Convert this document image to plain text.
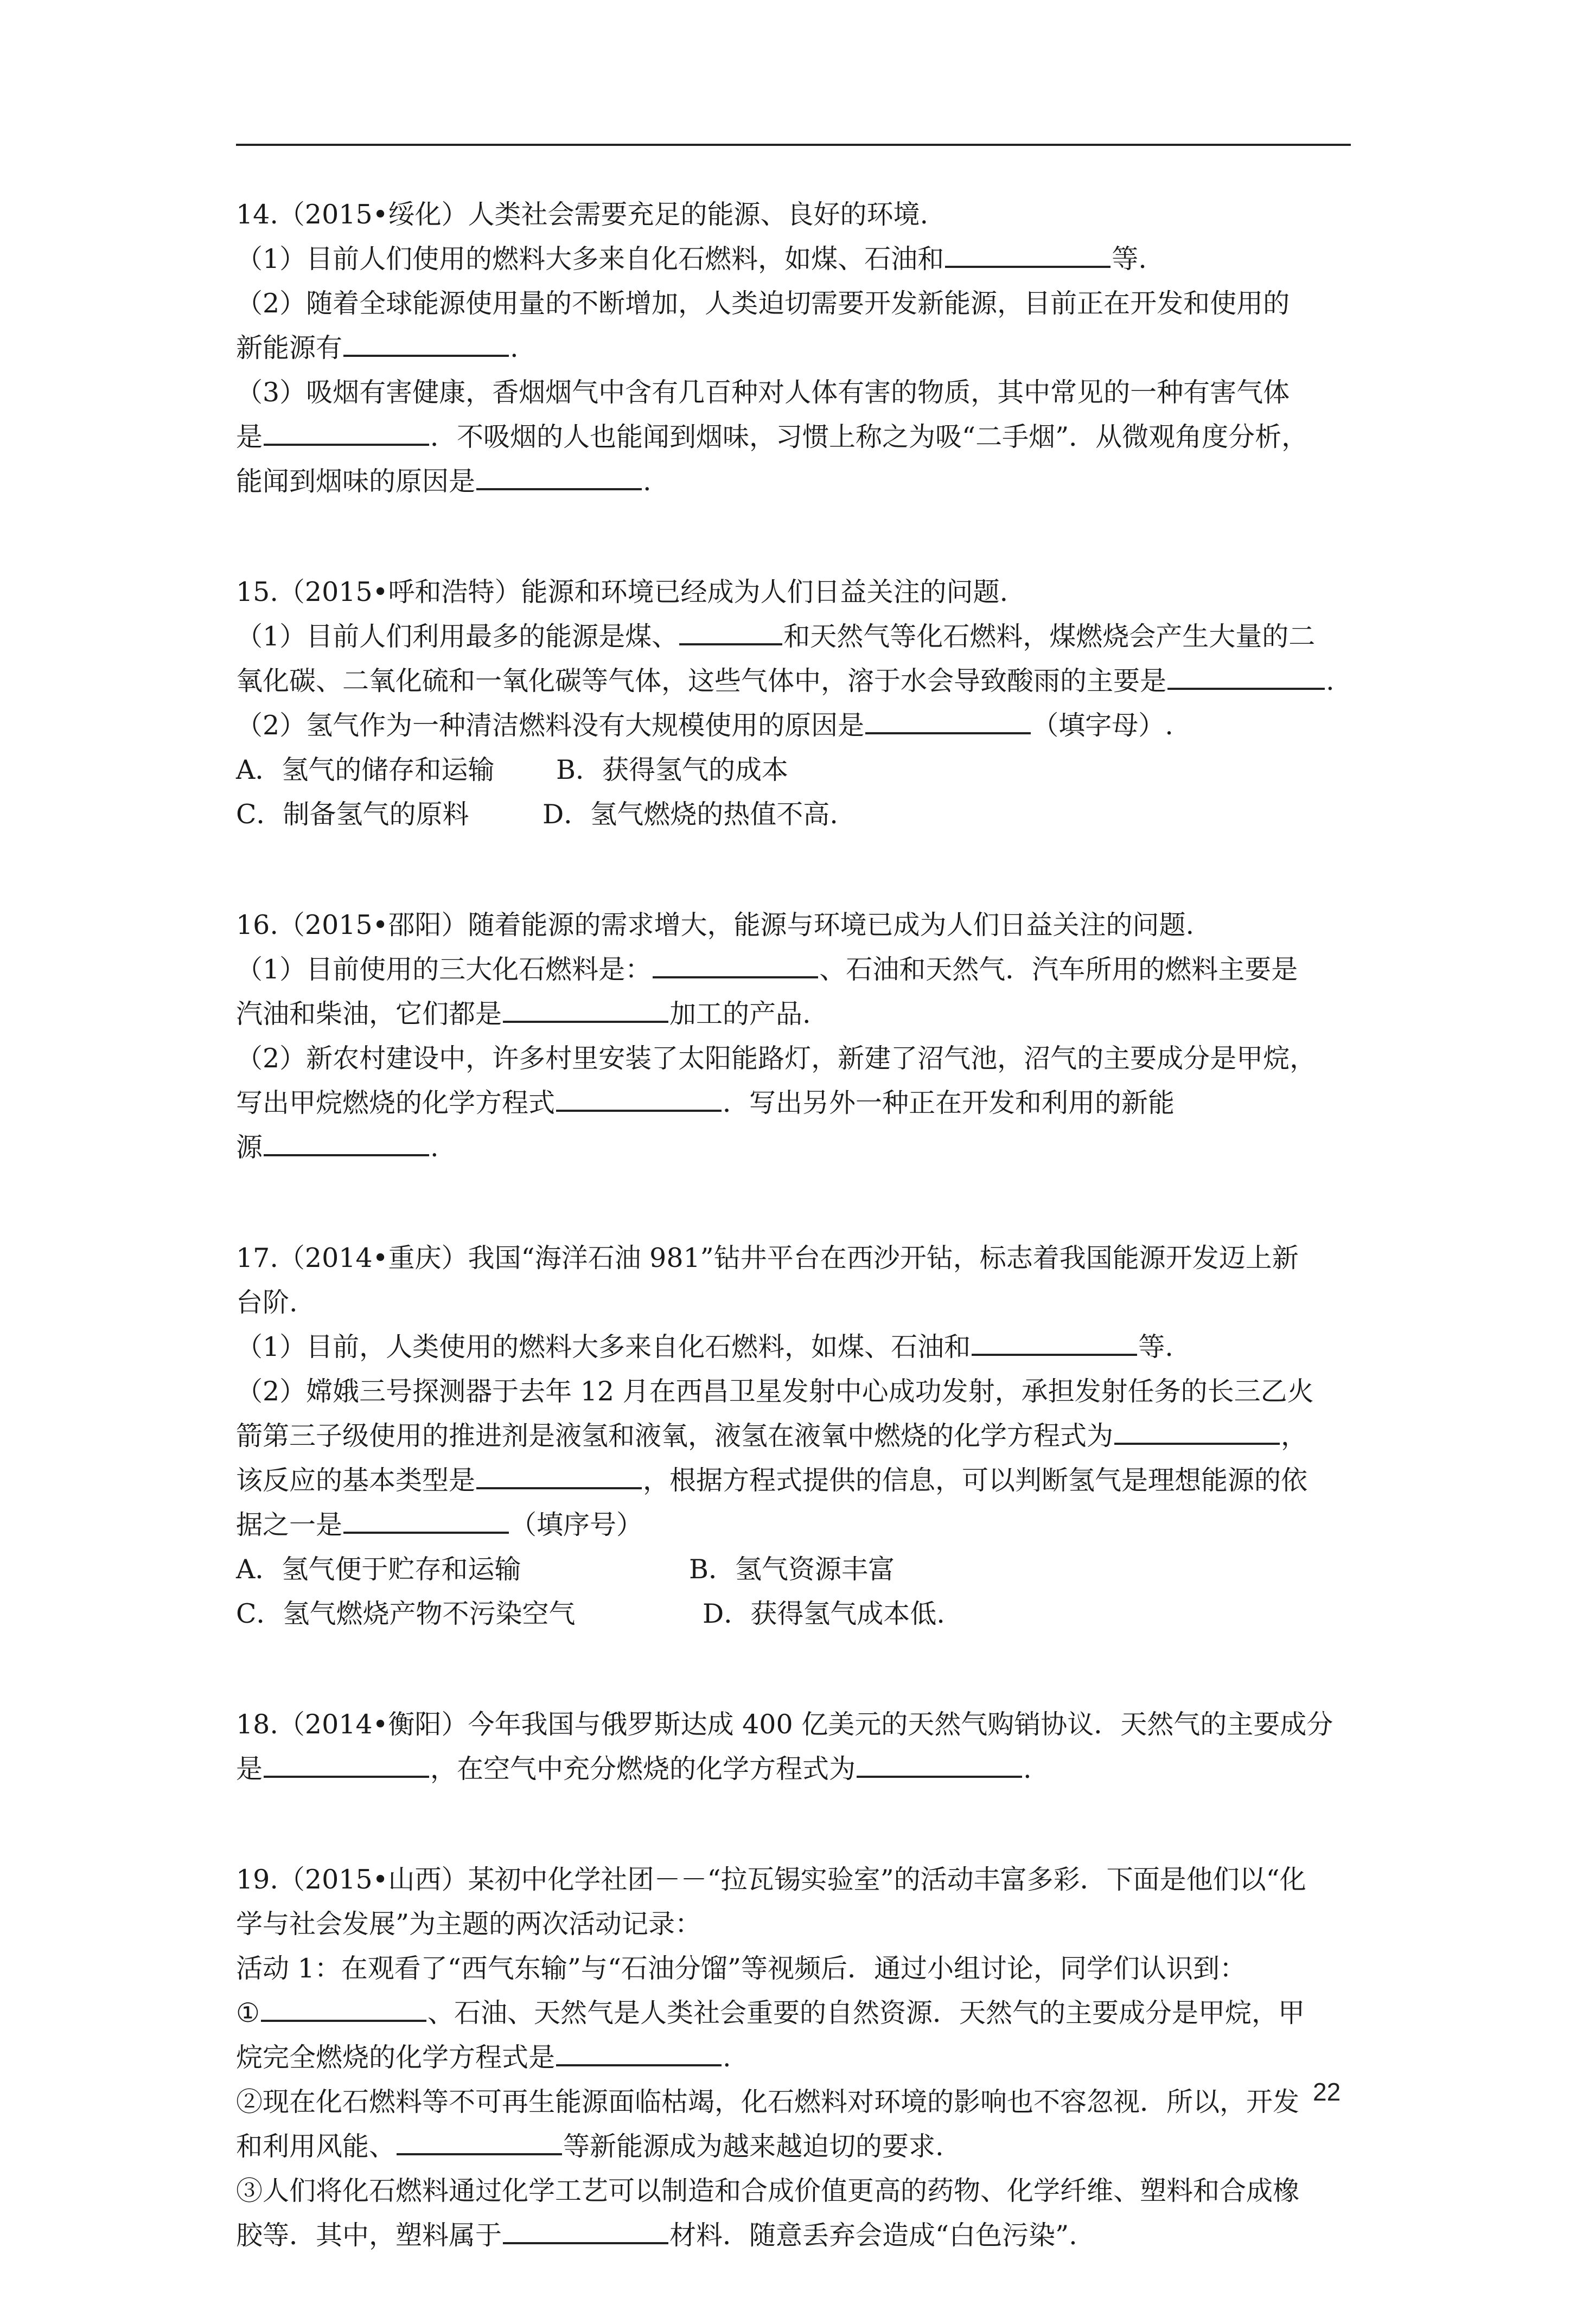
14.（2015•绥化）人类社会需要充足的能源、良好的环境.
（1）目前人们使用的燃料大多来自化石燃料，如煤、石油和	等.
（2）随着全球能源使用量的不断增加，人类迫切需要开发新能源，目前正在开发和使用的
新能源有	.
（3）吸烟有害健康，香烟烟气中含有几百种对人体有害的物质，其中常见的一种有害气体
是	．不吸烟的人也能闻到烟味，习惯上称之为吸“二手烟”．从微观角度分析，
能闻到烟味的原因是	.
15.（2015•呼和浩特）能源和环境已经成为人们日益关注的问题.
（1）目前人们利用最多的能源是煤、	和天然气等化石燃料，煤燃烧会产生大量的二
氧化碳、二氧化硫和一氧化碳等气体，这些气体中，溶于水会导致酸雨的主要是	.
（2）氢气作为一种清洁燃料没有大规模使用的原因是	（填字母）.
A．氢气的储存和运输 B．获得氢气的成本
C．制备氢气的原料	D．氢气燃烧的热值不高.
16.（2015•邵阳）随着能源的需求增大，能源与环境已成为人们日益关注的问题.
（1）目前使用的三大化石燃料是：	、石油和天然气．汽车所用的燃料主要是
汽油和柴油，它们都是	加工的产品.
（2）新农村建设中，许多村里安装了太阳能路灯，新建了沼气池，沼气的主要成分是甲烷，
写出甲烷燃烧的化学方程式	．写出另外一种正在开发和利用的新能
源	.
17.（2014•重庆）我国“海洋石油 981”钻井平台在西沙开钻，标志着我国能源开发迈上新
台阶.
（1）目前，人类使用的燃料大多来自化石燃料，如煤、石油和	等.
（2）嫦娥三号探测器于去年 12 月在西昌卫星发射中心成功发射，承担发射任务的长三乙火
箭第三子级使用的推进剂是液氢和液氧，液氢在液氧中燃烧的化学方程式为	，
该反应的基本类型是	，根据方程式提供的信息，可以判断氢气是理想能源的依
据之一是	（填序号）
A．氢气便于贮存和运输	B．氢气资源丰富
C．氢气燃烧产物不污染空气	D．获得氢气成本低.
18.（2014•衡阳）今年我国与俄罗斯达成 400 亿美元的天然气购销协议．天然气的主要成分
是	，在空气中充分燃烧的化学方程式为	.
19.（2015•山西）某初中化学社团－－“拉瓦锡实验室”的活动丰富多彩．下面是他们以“化
学与社会发展”为主题的两次活动记录：
活动 1：在观看了“西气东输”与“石油分馏”等视频后．通过小组讨论，同学们认识到：
①	、石油、天然气是人类社会重要的自然资源．天然气的主要成分是甲烷，甲
烷完全燃烧的化学方程式是	.
②现在化石燃料等不可再生能源面临枯竭，化石燃料对环境的影响也不容忽视．所以，开发
和利用风能、	等新能源成为越来越迫切的要求.
③人们将化石燃料通过化学工艺可以制造和合成价值更高的药物、化学纤维、塑料和合成橡
胶等．其中，塑料属于	材料．随意丢弃会造成“白色污染”.
22
